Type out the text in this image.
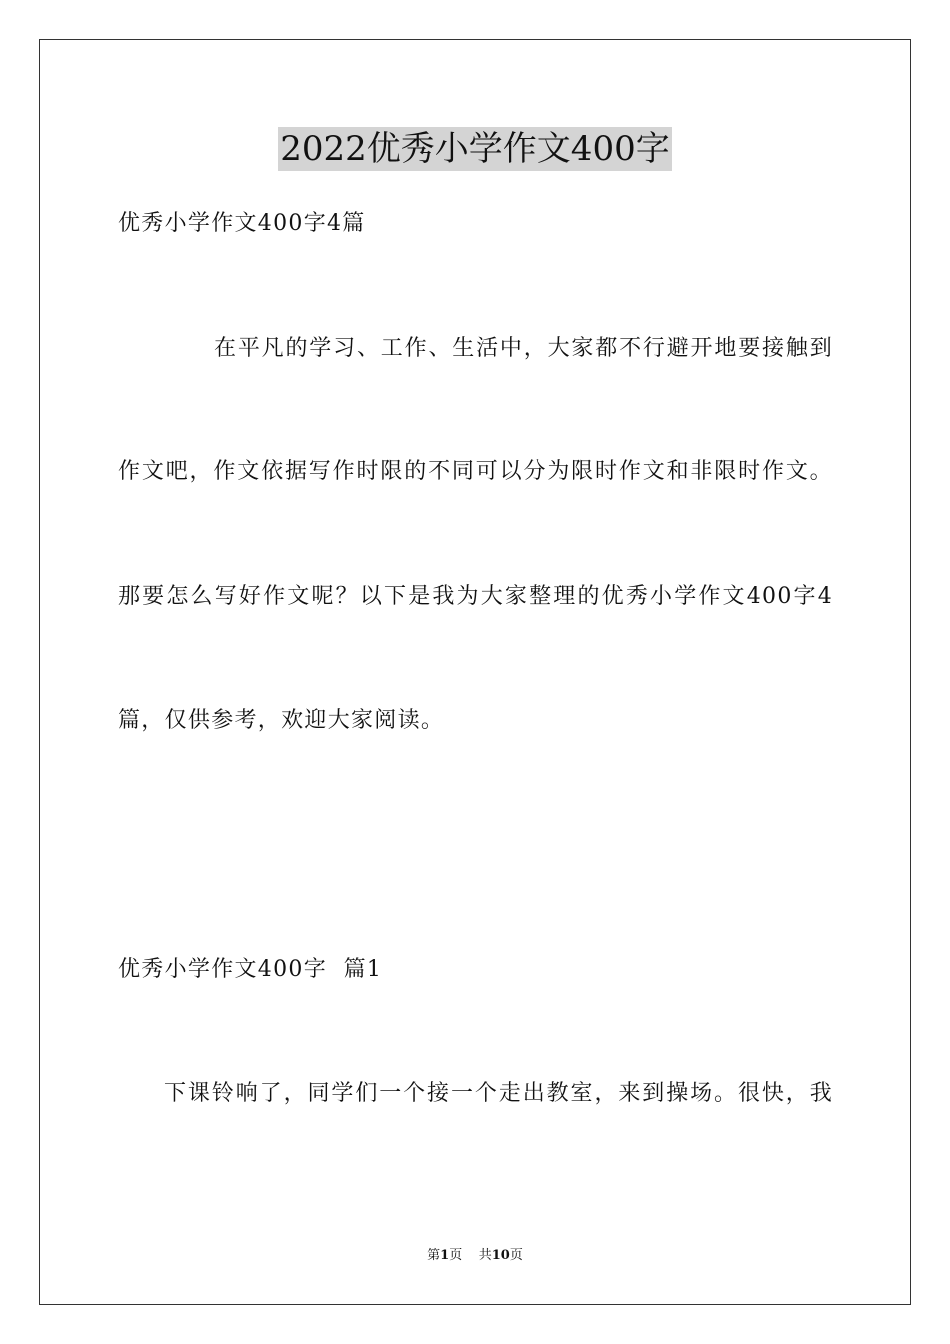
2022优秀小学作文400字
优秀小学作文400字4篇
在平凡的学习、工作、生活中，大家都不行避开地要接触到
作文吧，作文依据写作时限的不同可以分为限时作文和非限时作文。
那要怎么写好作文呢？以下是我为大家整理的优秀小学作文400字4
篇，仅供参考，欢迎大家阅读。
优秀小学作文400字  篇1
下课铃响了，同学们一个接一个走出教室，来到操场。很快，我
第1页 共10页
